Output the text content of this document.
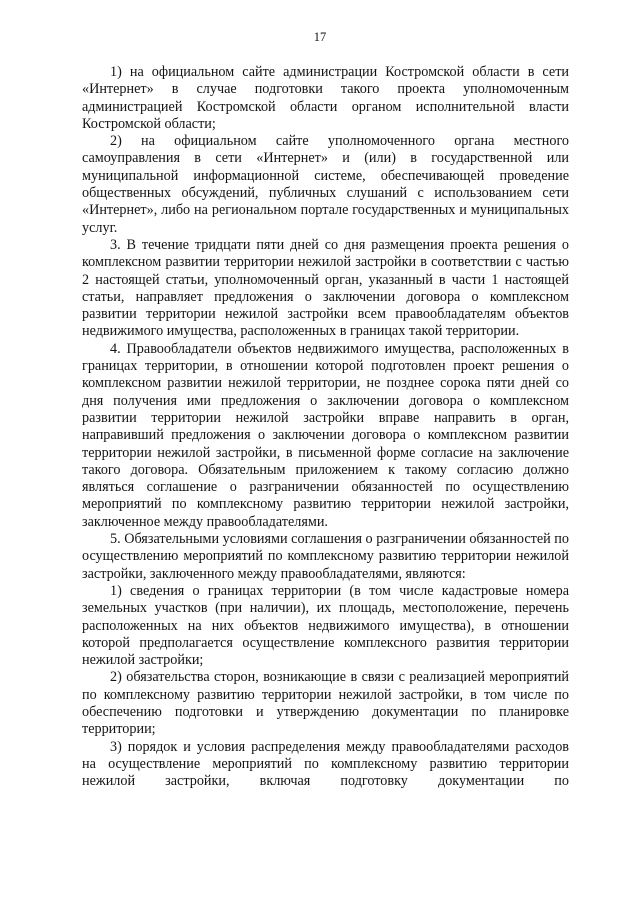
17

1) на официальном сайте администрации Костромской области в сети «Интернет» в случае подготовки такого проекта уполномоченным администрацией Костромской области органом исполнительной власти Костромской области;

2) на официальном сайте уполномоченного органа местного самоуправления в сети «Интернет» и (или) в государственной или муниципальной информационной системе, обеспечивающей проведение общественных обсуждений, публичных слушаний с использованием сети «Интернет», либо на региональном портале государственных и муниципальных услуг.

3. В течение тридцати пяти дней со дня размещения проекта решения о комплексном развитии территории нежилой застройки в соответствии с частью 2 настоящей статьи, уполномоченный орган, указанный в части 1 настоящей статьи, направляет предложения о заключении договора о комплексном развитии территории нежилой застройки всем правообладателям объектов недвижимого имущества, расположенных в границах такой территории.

4. Правообладатели объектов недвижимого имущества, расположенных в границах территории, в отношении которой подготовлен проект решения о комплексном развитии нежилой территории, не позднее сорока пяти дней со дня получения ими предложения о заключении договора о комплексном развитии территории нежилой застройки вправе направить в орган, направивший предложения о заключении договора о комплексном развитии территории нежилой застройки, в письменной форме согласие на заключение такого договора. Обязательным приложением к такому согласию должно являться соглашение о разграничении обязанностей по осуществлению мероприятий по комплексному развитию территории нежилой застройки, заключенное между правообладателями.

5. Обязательными условиями соглашения о разграничении обязанностей по осуществлению мероприятий по комплексному развитию территории нежилой застройки, заключенного между правообладателями, являются:

1) сведения о границах территории (в том числе кадастровые номера земельных участков (при наличии), их площадь, местоположение, перечень расположенных на них объектов недвижимого имущества), в отношении которой предполагается осуществление комплексного развития территории нежилой застройки;

2) обязательства сторон, возникающие в связи с реализацией мероприятий по комплексному развитию территории нежилой застройки, в том числе по обеспечению подготовки и утверждению документации по планировке территории;

3) порядок и условия распределения между правообладателями расходов на осуществление мероприятий по комплексному развитию территории нежилой застройки, включая подготовку документации по
